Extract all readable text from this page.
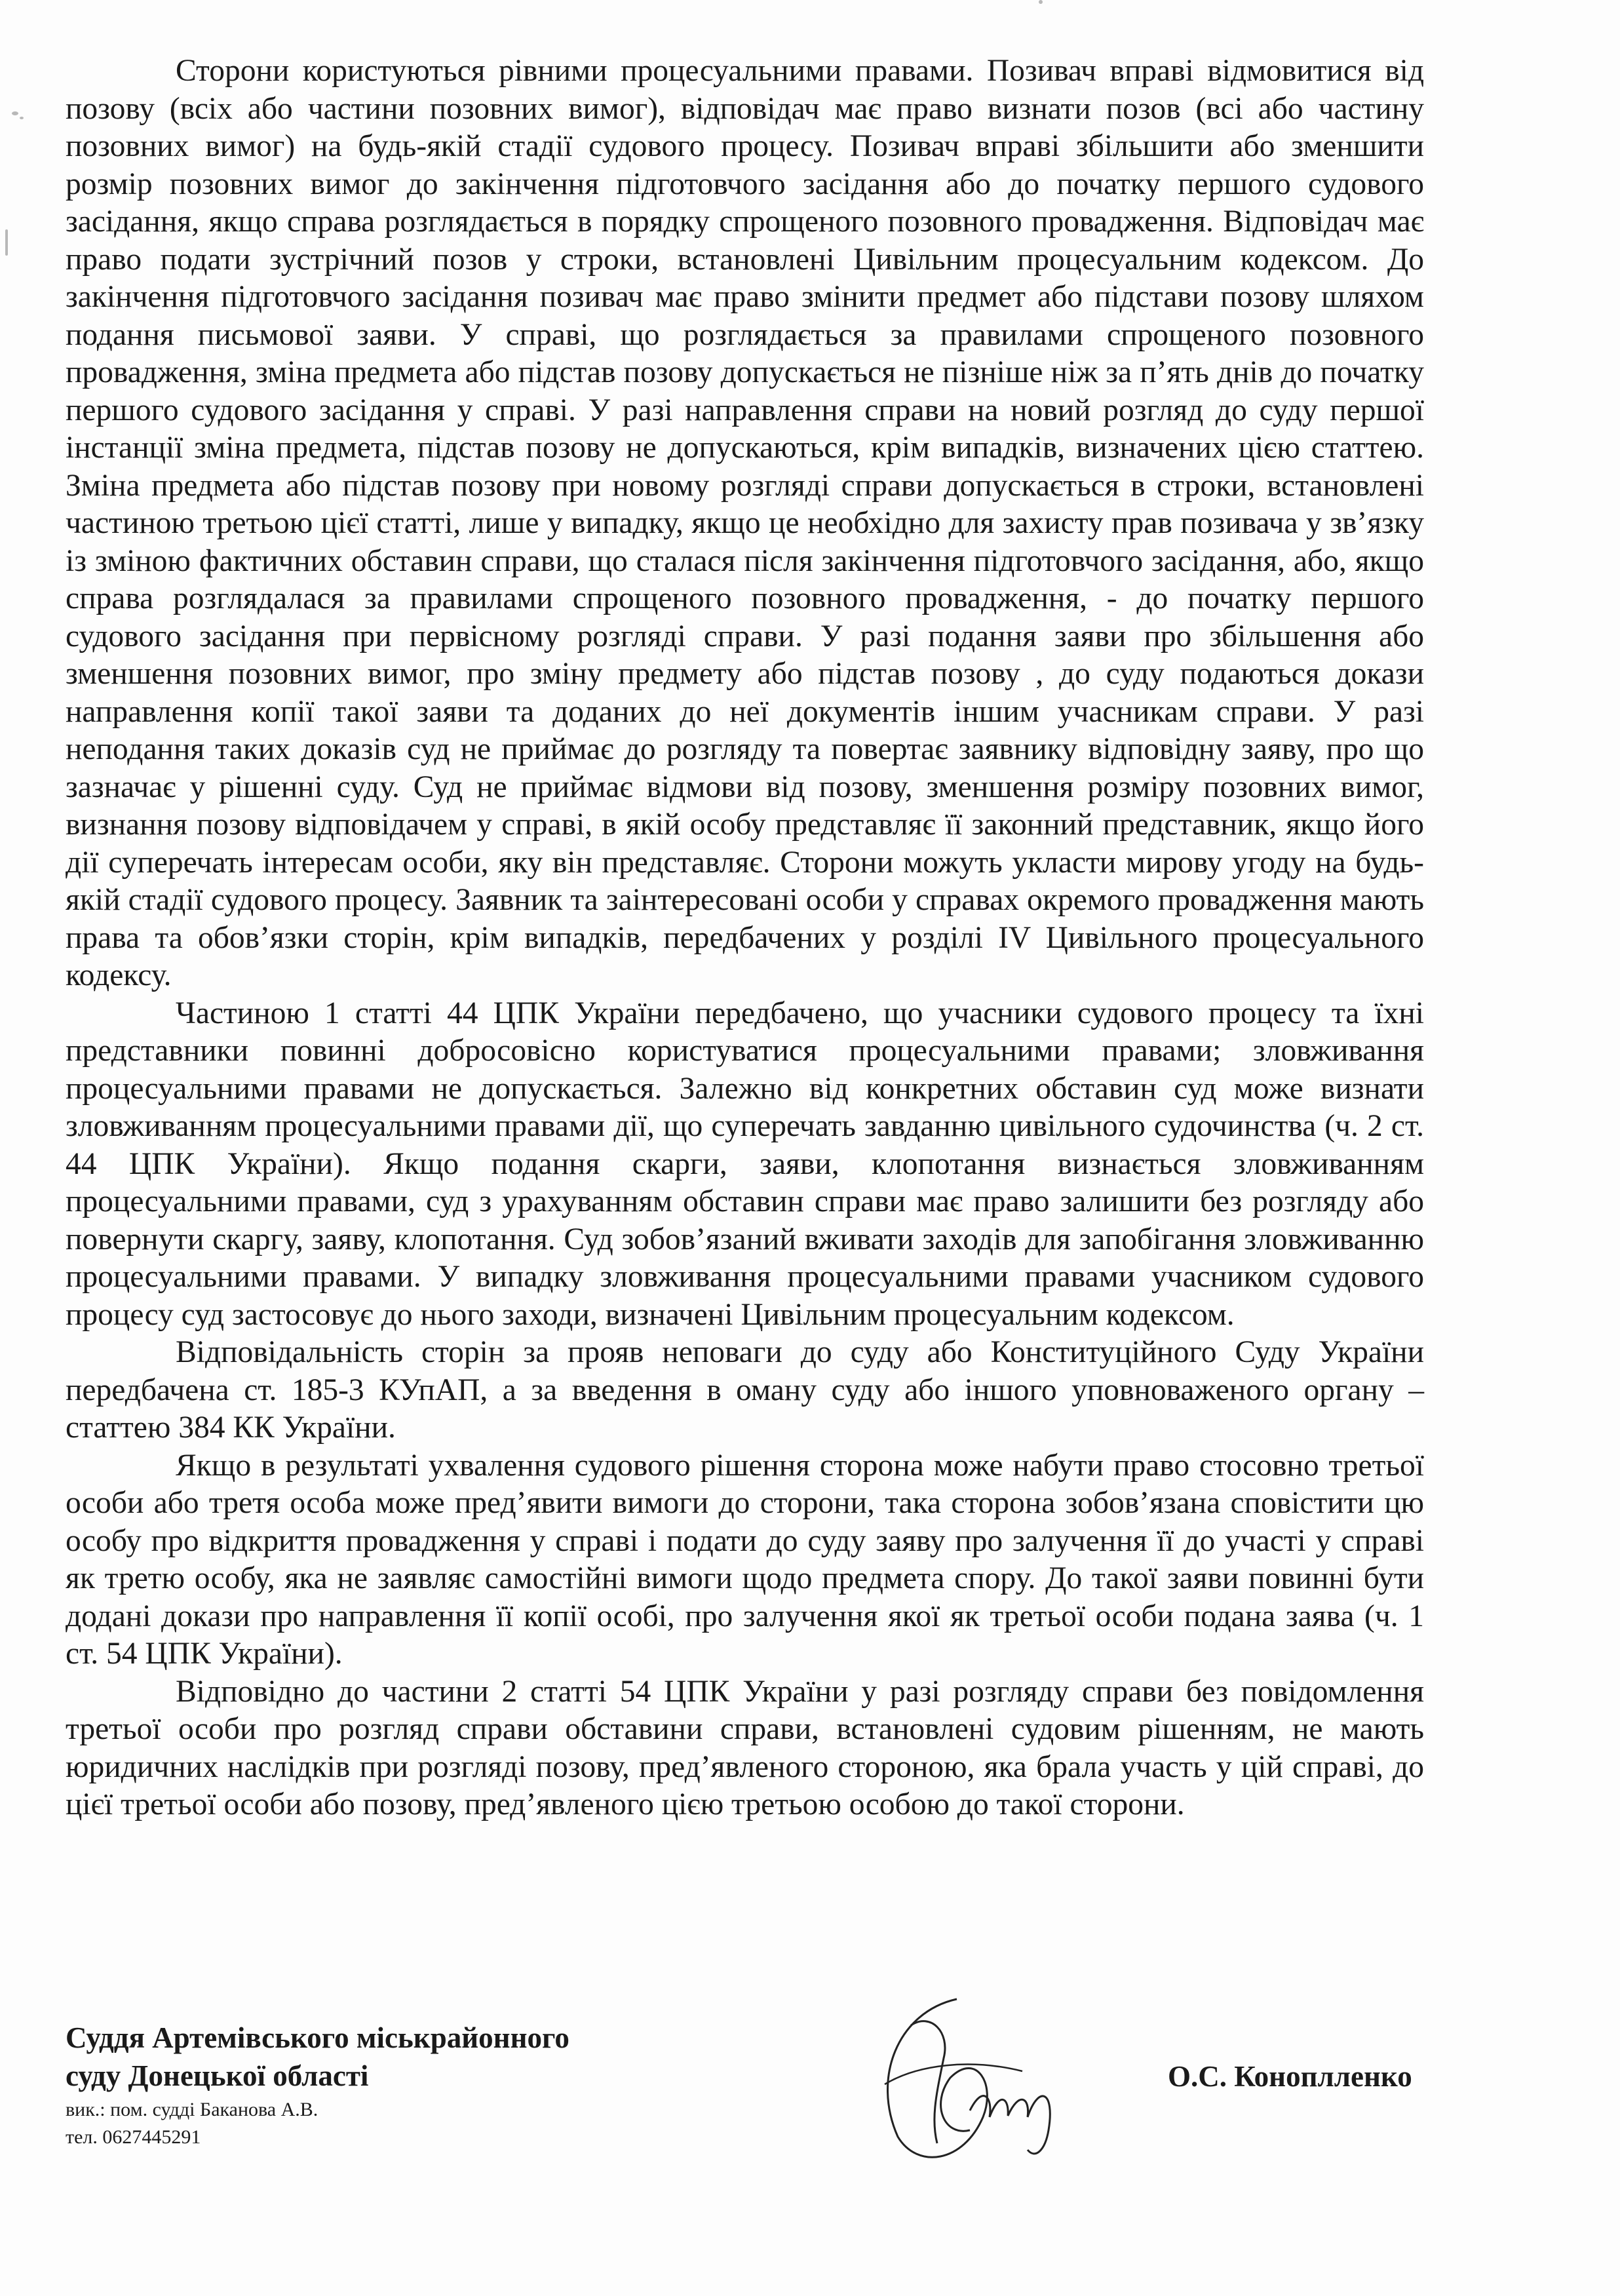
Сторони користуються рівними процесуальними правами. Позивач вправі відмовитися від позову (всіх або частини позовних вимог), відповідач має право визнати позов (всі або частину позовних вимог) на будь-якій стадії судового процесу. Позивач вправі збільшити або зменшити розмір позовних вимог до закінчення підготовчого засідання або до початку першого судового засідання, якщо справа розглядається в порядку спрощеного позовного провадження. Відповідач має право подати зустрічний позов у строки, встановлені Цивільним процесуальним кодексом. До закінчення підготовчого засідання позивач має право змінити предмет або підстави позову шляхом подання письмової заяви. У справі, що розглядається за правилами спрощеного позовного провадження, зміна предмета або підстав позову допускається не пізніше ніж за п’ять днів до початку першого судового засідання у справі. У разі направлення справи на новий розгляд до суду першої інстанції зміна предмета, підстав позову не допускаються, крім випадків, визначених цією статтею. Зміна предмета або підстав позову при новому розгляді справи допускається в строки, встановлені частиною третьою цієї статті, лише у випадку, якщо це необхідно для захисту прав позивача у зв’язку із зміною фактичних обставин справи, що сталася після закінчення підготовчого засідання, або, якщо справа розглядалася за правилами спрощеного позовного провадження, - до початку першого судового засідання при первісному розгляді справи. У разі подання заяви про збільшення або зменшення позовних вимог, про зміну предмету або підстав позову , до суду подаються докази направлення копії такої заяви та доданих до неї документів іншим учасникам справи. У разі неподання таких доказів суд не приймає до розгляду та повертає заявнику відповідну заяву, про що зазначає у рішенні суду. Суд не приймає відмови від позову, зменшення розміру позовних вимог, визнання позову відповідачем у справі, в якій особу представляє її законний представник, якщо його дії суперечать інтересам особи, яку він представляє. Сторони можуть укласти мирову угоду на будь-якій стадії судового процесу. Заявник та заінтересовані особи у справах окремого провадження мають права та обов’язки сторін, крім випадків, передбачених у розділі IV Цивільного процесуального кодексу.

Частиною 1 статті 44 ЦПК України передбачено, що учасники судового процесу та їхні представники повинні добросовісно користуватися процесуальними правами; зловживання процесуальними правами не допускається. Залежно від конкретних обставин суд може визнати зловживанням процесуальними правами дії, що суперечать завданню цивільного судочинства (ч. 2 ст. 44 ЦПК України). Якщо подання скарги, заяви, клопотання визнається зловживанням процесуальними правами, суд з урахуванням обставин справи має право залишити без розгляду або повернути скаргу, заяву, клопотання. Суд зобов’язаний вживати заходів для запобігання зловживанню процесуальними правами. У випадку зловживання процесуальними правами учасником судового процесу суд застосовує до нього заходи, визначені Цивільним процесуальним кодексом.

Відповідальність сторін за прояв неповаги до суду або Конституційного Суду України передбачена ст. 185-3 КУпАП, а за введення в оману суду або іншого уповноваженого органу – статтею 384 КК України.

Якщо в результаті ухвалення судового рішення сторона може набути право стосовно третьої особи або третя особа може пред’явити вимоги до сторони, така сторона зобов’язана сповістити цю особу про відкриття провадження у справі і подати до суду заяву про залучення її до участі у справі як третю особу, яка не заявляє самостійні вимоги щодо предмета спору. До такої заяви повинні бути додані докази про направлення її копії особі, про залучення якої як третьої особи подана заява (ч. 1 ст. 54 ЦПК України).

Відповідно до частини 2 статті 54 ЦПК України у разі розгляду справи без повідомлення третьої особи про розгляд справи обставини справи, встановлені судовим рішенням, не мають юридичних наслідків при розгляді позову, пред’явленого стороною, яка брала участь у цій справі, до цієї третьої особи або позову, пред’явленого цією третьою особою до такої сторони.

Суддя Артемівського міськрайонного
суду Донецької області
вик.: пом. судді Баканова А.В.
тел. 0627445291
О.С. Коноплленко
